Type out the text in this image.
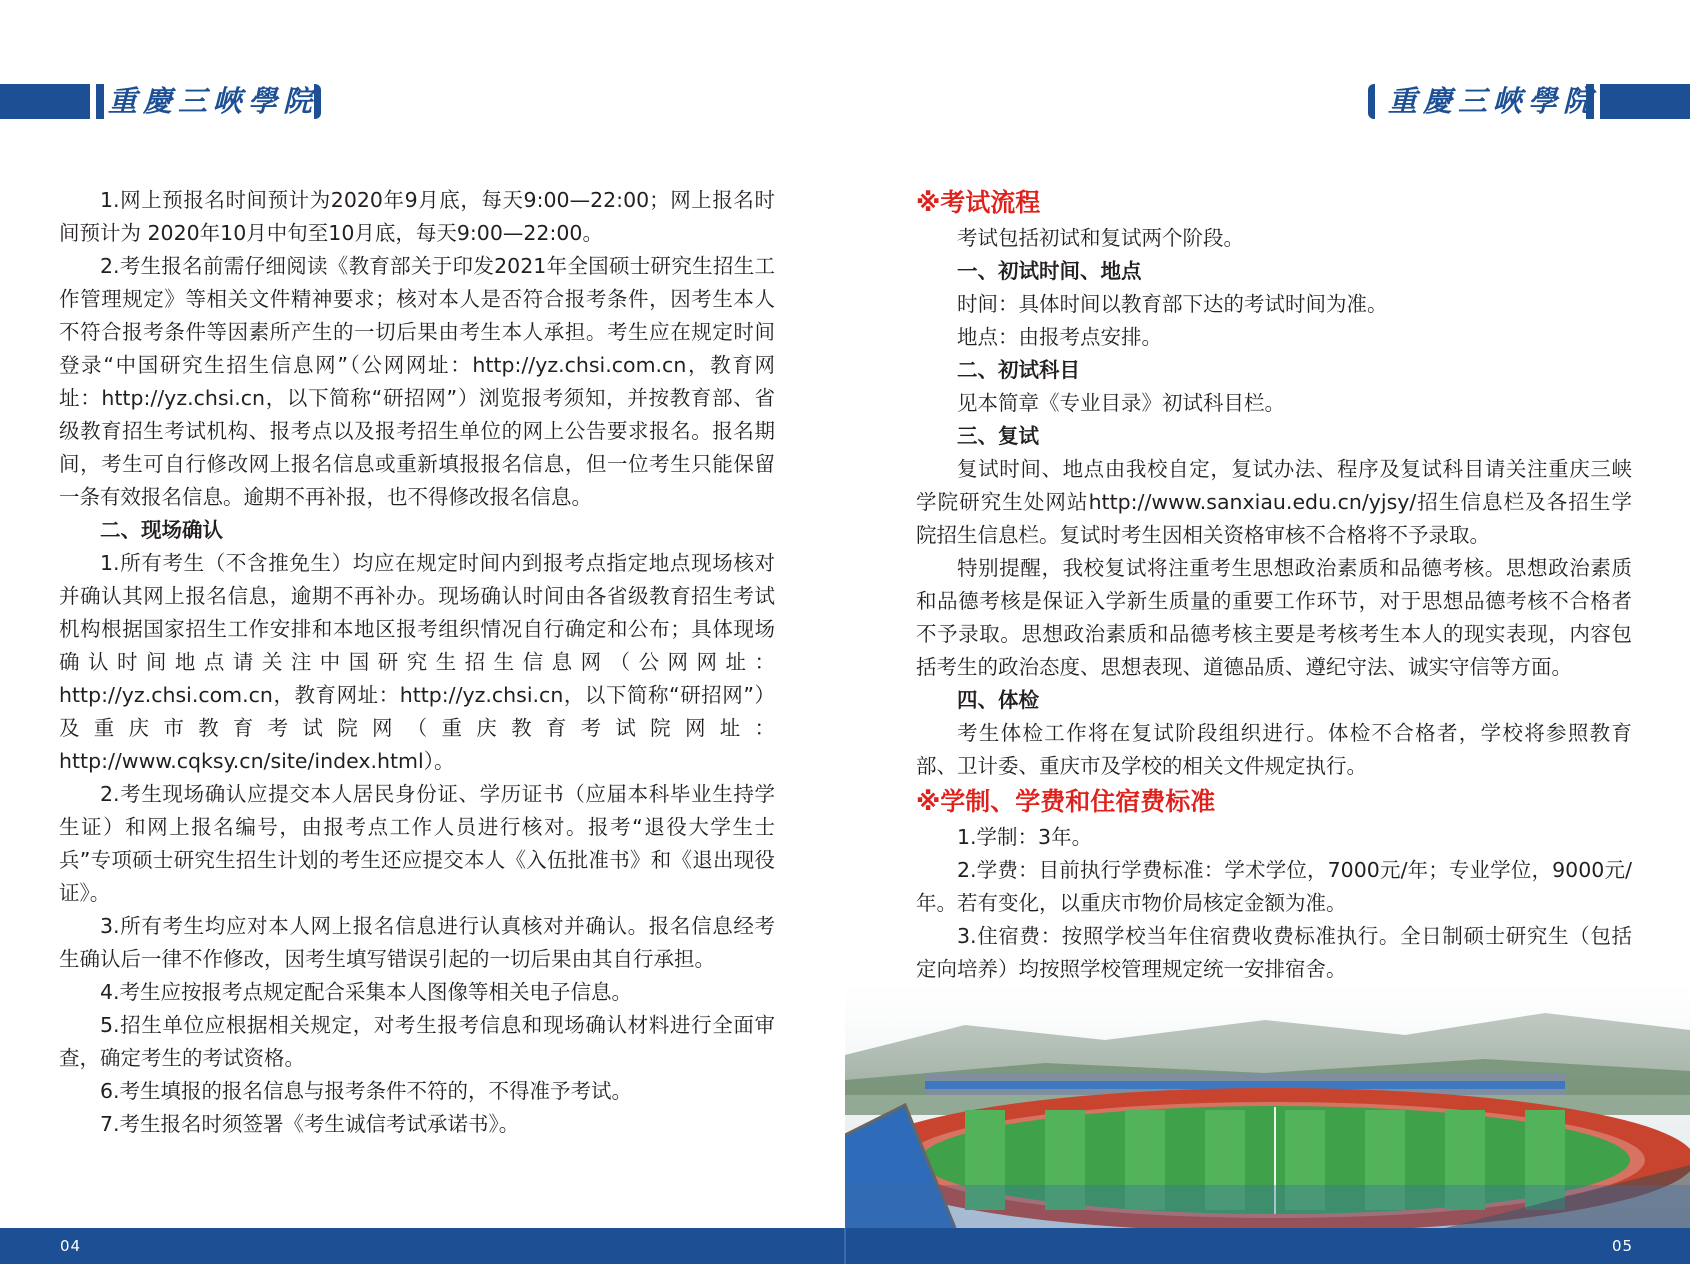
重慶三峽學院	重慶三峽學院

1.网上预报名时间预计为2020年9月底，每天9:00—22:00；网上报名时间预计为 2020年10月中旬至10月底，每天9:00—22:00。

2.考生报名前需仔细阅读《教育部关于印发2021年全国硕士研究生招生工作管理规定》等相关文件精神要求；核对本人是否符合报考条件，因考生本人不符合报考条件等因素所产生的一切后果由考生本人承担。考生应在规定时间登录“中国研究生招生信息网”（公网网址：http://yz.chsi.com.cn，教育网址：http://yz.chsi.cn，以下简称“研招网”）浏览报考须知，并按教育部、省级教育招生考试机构、报考点以及报考招生单位的网上公告要求报名。报名期间，考生可自行修改网上报名信息或重新填报报名信息，但一位考生只能保留一条有效报名信息。逾期不再补报，也不得修改报名信息。

二、现场确认

1.所有考生（不含推免生）均应在规定时间内到报考点指定地点现场核对并确认其网上报名信息，逾期不再补办。现场确认时间由各省级教育招生考试机构根据国家招生工作安排和本地区报考组织情况自行确定和公布；具体现场确认时间地点请关注中国研究生招生信息网（公网网址：http://yz.chsi.com.cn，教育网址：http://yz.chsi.cn，以下简称“研招网”）及重庆市教育考试院网（重庆教育考试院网址：http://www.cqksy.cn/site/index.html）。

2.考生现场确认应提交本人居民身份证、学历证书（应届本科毕业生持学生证）和网上报名编号，由报考点工作人员进行核对。报考“退役大学生士兵”专项硕士研究生招生计划的考生还应提交本人《入伍批准书》和《退出现役证》。

3.所有考生均应对本人网上报名信息进行认真核对并确认。报名信息经考生确认后一律不作修改，因考生填写错误引起的一切后果由其自行承担。

4.考生应按报考点规定配合采集本人图像等相关电子信息。

5.招生单位应根据相关规定，对考生报考信息和现场确认材料进行全面审查，确定考生的考试资格。

6.考生填报的报名信息与报考条件不符的，不得准予考试。

7.考生报名时须签署《考生诚信考试承诺书》。

※考试流程

考试包括初试和复试两个阶段。

一、初试时间、地点

时间：具体时间以教育部下达的考试时间为准。

地点：由报考点安排。

二、初试科目

见本简章《专业目录》初试科目栏。

三、复试

复试时间、地点由我校自定，复试办法、程序及复试科目请关注重庆三峡学院研究生处网站http://www.sanxiau.edu.cn/yjsy/招生信息栏及各招生学院招生信息栏。复试时考生因相关资格审核不合格将不予录取。

特别提醒，我校复试将注重考生思想政治素质和品德考核。思想政治素质和品德考核是保证入学新生质量的重要工作环节，对于思想品德考核不合格者不予录取。思想政治素质和品德考核主要是考核考生本人的现实表现，内容包括考生的政治态度、思想表现、道德品质、遵纪守法、诚实守信等方面。

四、体检

考生体检工作将在复试阶段组织进行。体检不合格者，学校将参照教育部、卫计委、重庆市及学校的相关文件规定执行。

※学制、学费和住宿费标准

1.学制：3年。

2.学费：目前执行学费标准：学术学位，7000元/年；专业学位，9000元/年。若有变化，以重庆市物价局核定金额为准。

3.住宿费：按照学校当年住宿费收费标准执行。全日制硕士研究生（包括定向培养）均按照学校管理规定统一安排宿舍。

04	05
